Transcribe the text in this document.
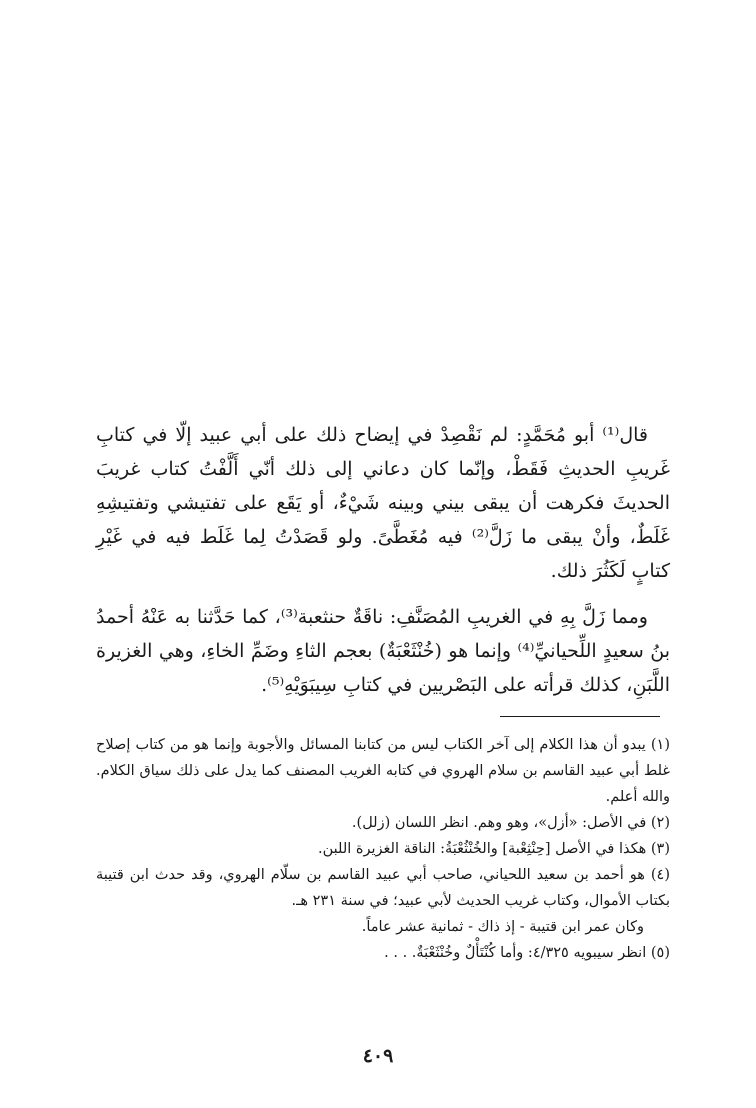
قال⁽¹⁾ أبو مُحَمَّدٍ: لم نَقْصِدْ في إيضاح ذلك على أبي عبيد إلّا في كتابِ غَريبِ الحديثِ فَقَطْ، وإنّما كان دعاني إلى ذلك أنّي أَلَّفْتُ كتاب غريبَ الحديثَ فكرهت أن يبقى بيني وبينه شَيْءٌ، أو يَقَع على تفتيشي وتفتيشِهِ غَلَطٌ، وأنْ يبقى ما زَلَّ⁽²⁾ فيه مُغَطَّىً. ولو قَصَدْتُ لِما غَلَط فيه في غَيْرِ كتابٍ لَكَثُرَ ذلك.

ومما زَلَّ بِهِ في الغريبِ المُصَنَّفِ: ناقَةٌ حنثعبة⁽³⁾، كما حَدَّثنا به عَنْهُ أحمدُ بنُ سعيدٍ اللِّحيانيِّ⁽⁴⁾ وإنما هو (خُنْثَعْبَةٌ) بعجم الثاءِ وضَمِّ الخاءِ، وهي الغزيرة اللَّبَنِ، كذلك قرأته على البَصْريين في كتابِ سِيبَوَيْهِ⁽⁵⁾.

(١) يبدو أن هذا الكلام إلى آخر الكتاب ليس من كتابنا المسائل والأجوبة وإنما هو من كتاب إصلاح غلط أبي عبيد القاسم بن سلام الهروي في كتابه الغريب المصنف كما يدل على ذلك سياق الكلام. والله أعلم.

(٢) في الأصل: «أزل»، وهو وهم. انظر اللسان (زلل).

(٣) هكذا في الأصل [حِنْثِعْبة] والخُنْثُعْبَةُ: الناقة الغزيرة اللبن.

(٤) هو أحمد بن سعيد اللحياني، صاحب أبي عبيد القاسم بن سلّام الهروي، وقد حدث ابن قتيبة بكتاب الأموال، وكتاب غريب الحديث لأبي عبيد؛ في سنة ٢٣١ هـ.

وكان عمر ابن قتيبة - إذ ذاك - ثمانية عشر عاماً.

(٥) انظر سيبويه ٤/٣٢٥: وأما كُنْتَأْلٌ وخُنْثَعْبَةٌ. . . .

٤٠٩
